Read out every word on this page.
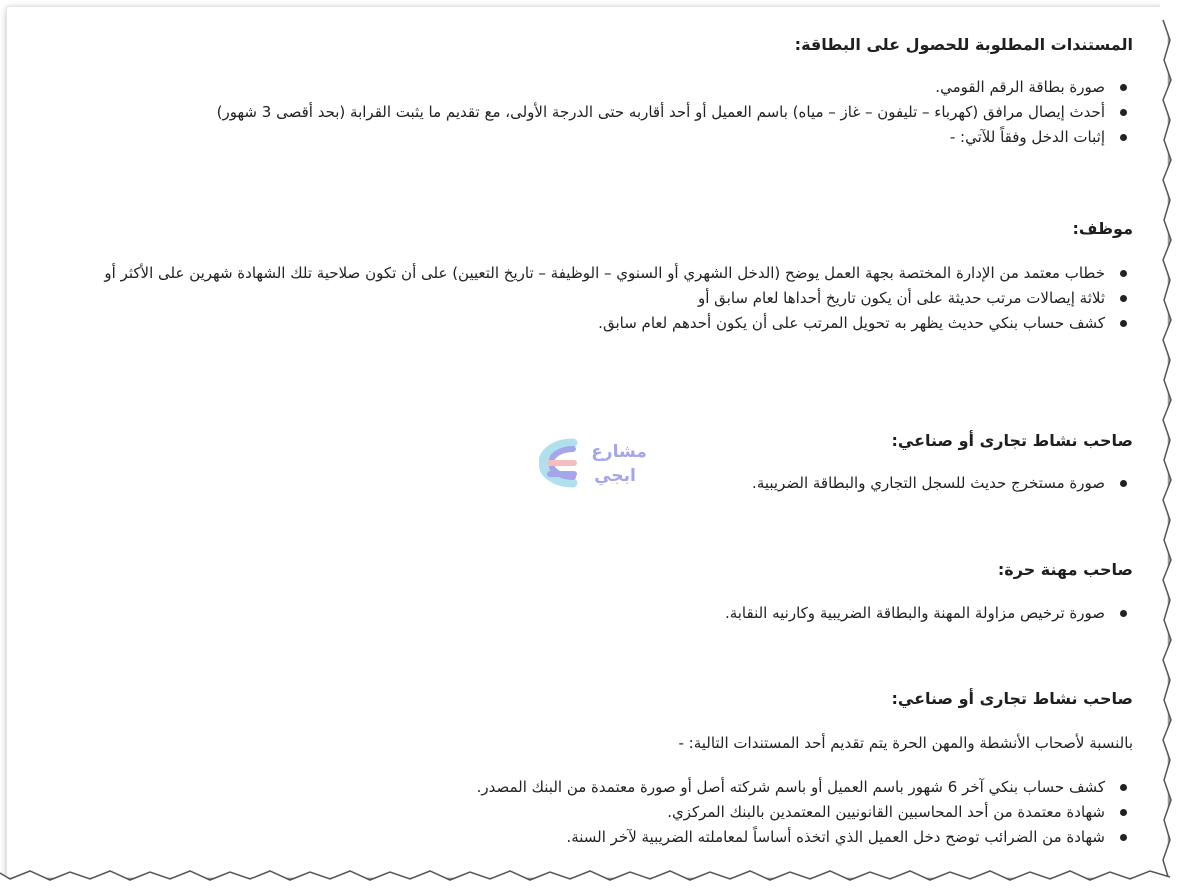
المستندات المطلوبة للحصول على البطاقة:
صورة بطاقة الرقم القومي.
أحدث إيصال مرافق (كهرباء – تليفون – غاز – مياه) باسم العميل أو أحد أقاربه حتى الدرجة الأولى، مع تقديم ما يثبت القرابة (بحد أقصى 3 شهور)
إثبات الدخل وفقاً للآتي: -
موظف:
خطاب معتمد من الإدارة المختصة بجهة العمل يوضح (الدخل الشهري أو السنوي – الوظيفة – تاريخ التعيين) على أن تكون صلاحية تلك الشهادة شهرين على الأكثر أو
ثلاثة إيصالات مرتب حديثة على أن يكون تاريخ أحداها لعام سابق أو
كشف حساب بنكي حديث يظهر به تحويل المرتب على أن يكون أحدهم لعام سابق.
صاحب نشاط تجارى أو صناعي:
صورة مستخرج حديث للسجل التجاري والبطاقة الضريبية.
صاحب مهنة حرة:
صورة ترخيص مزاولة المهنة والبطاقة الضريبية وكارنيه النقابة.
صاحب نشاط تجارى أو صناعي:

بالنسبة لأصحاب الأنشطة والمهن الحرة يتم تقديم أحد المستندات التالية: -

كشف حساب بنكي آخر 6 شهور باسم العميل أو باسم شركته أصل أو صورة معتمدة من البنك المصدر.
شهادة معتمدة من أحد المحاسبين القانونيين المعتمدين بالبنك المركزي.
شهادة من الضرائب توضح دخل العميل الذي اتخذه أساساً لمعاملته الضريبية لآخر السنة.
مشارع
ابجي
